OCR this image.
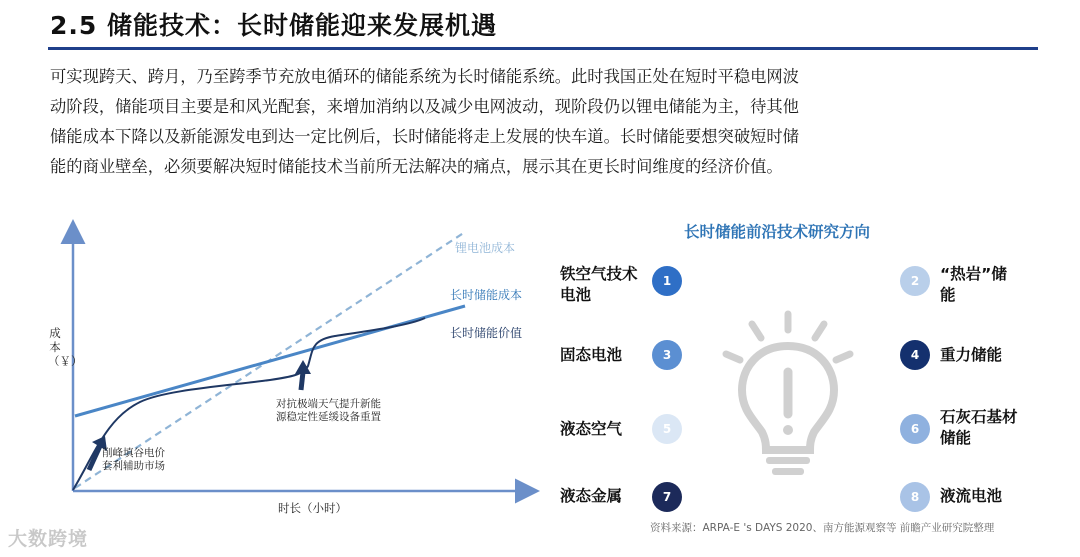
2.5 储能技术：长时储能迎来发展机遇
可实现跨天、跨月，乃至跨季节充放电循环的储能系统为长时储能系统。此时我国正处在短时平稳电网波
动阶段，储能项目主要是和风光配套，来增加消纳以及减少电网波动，现阶段仍以锂电储能为主，待其他
储能成本下降以及新能源发电到达一定比例后，长时储能将走上发展的快车道。长时储能要想突破短时储
能的商业壁垒，必须要解决短时储能技术当前所无法解决的痛点，展示其在更长时间维度的经济价值。
锂电池成本
长时储能成本
长时储能价值
成本（￥）
时长（小时）
对抗极端天气提升新能源稳定性延缓设备重置
削峰填谷电价套利辅助市场
长时储能前沿技术研究方向
铁空气技术电池
1
固态电池	3
液态空气	5
液态金属	7
2	“热岩”储能
4	重力储能
6
石灰石基材储能
8	液流电池
资料来源：ARPA-E 's DAYS 2020、南方能源观察等 前瞻产业研究院整理
大数跨境
